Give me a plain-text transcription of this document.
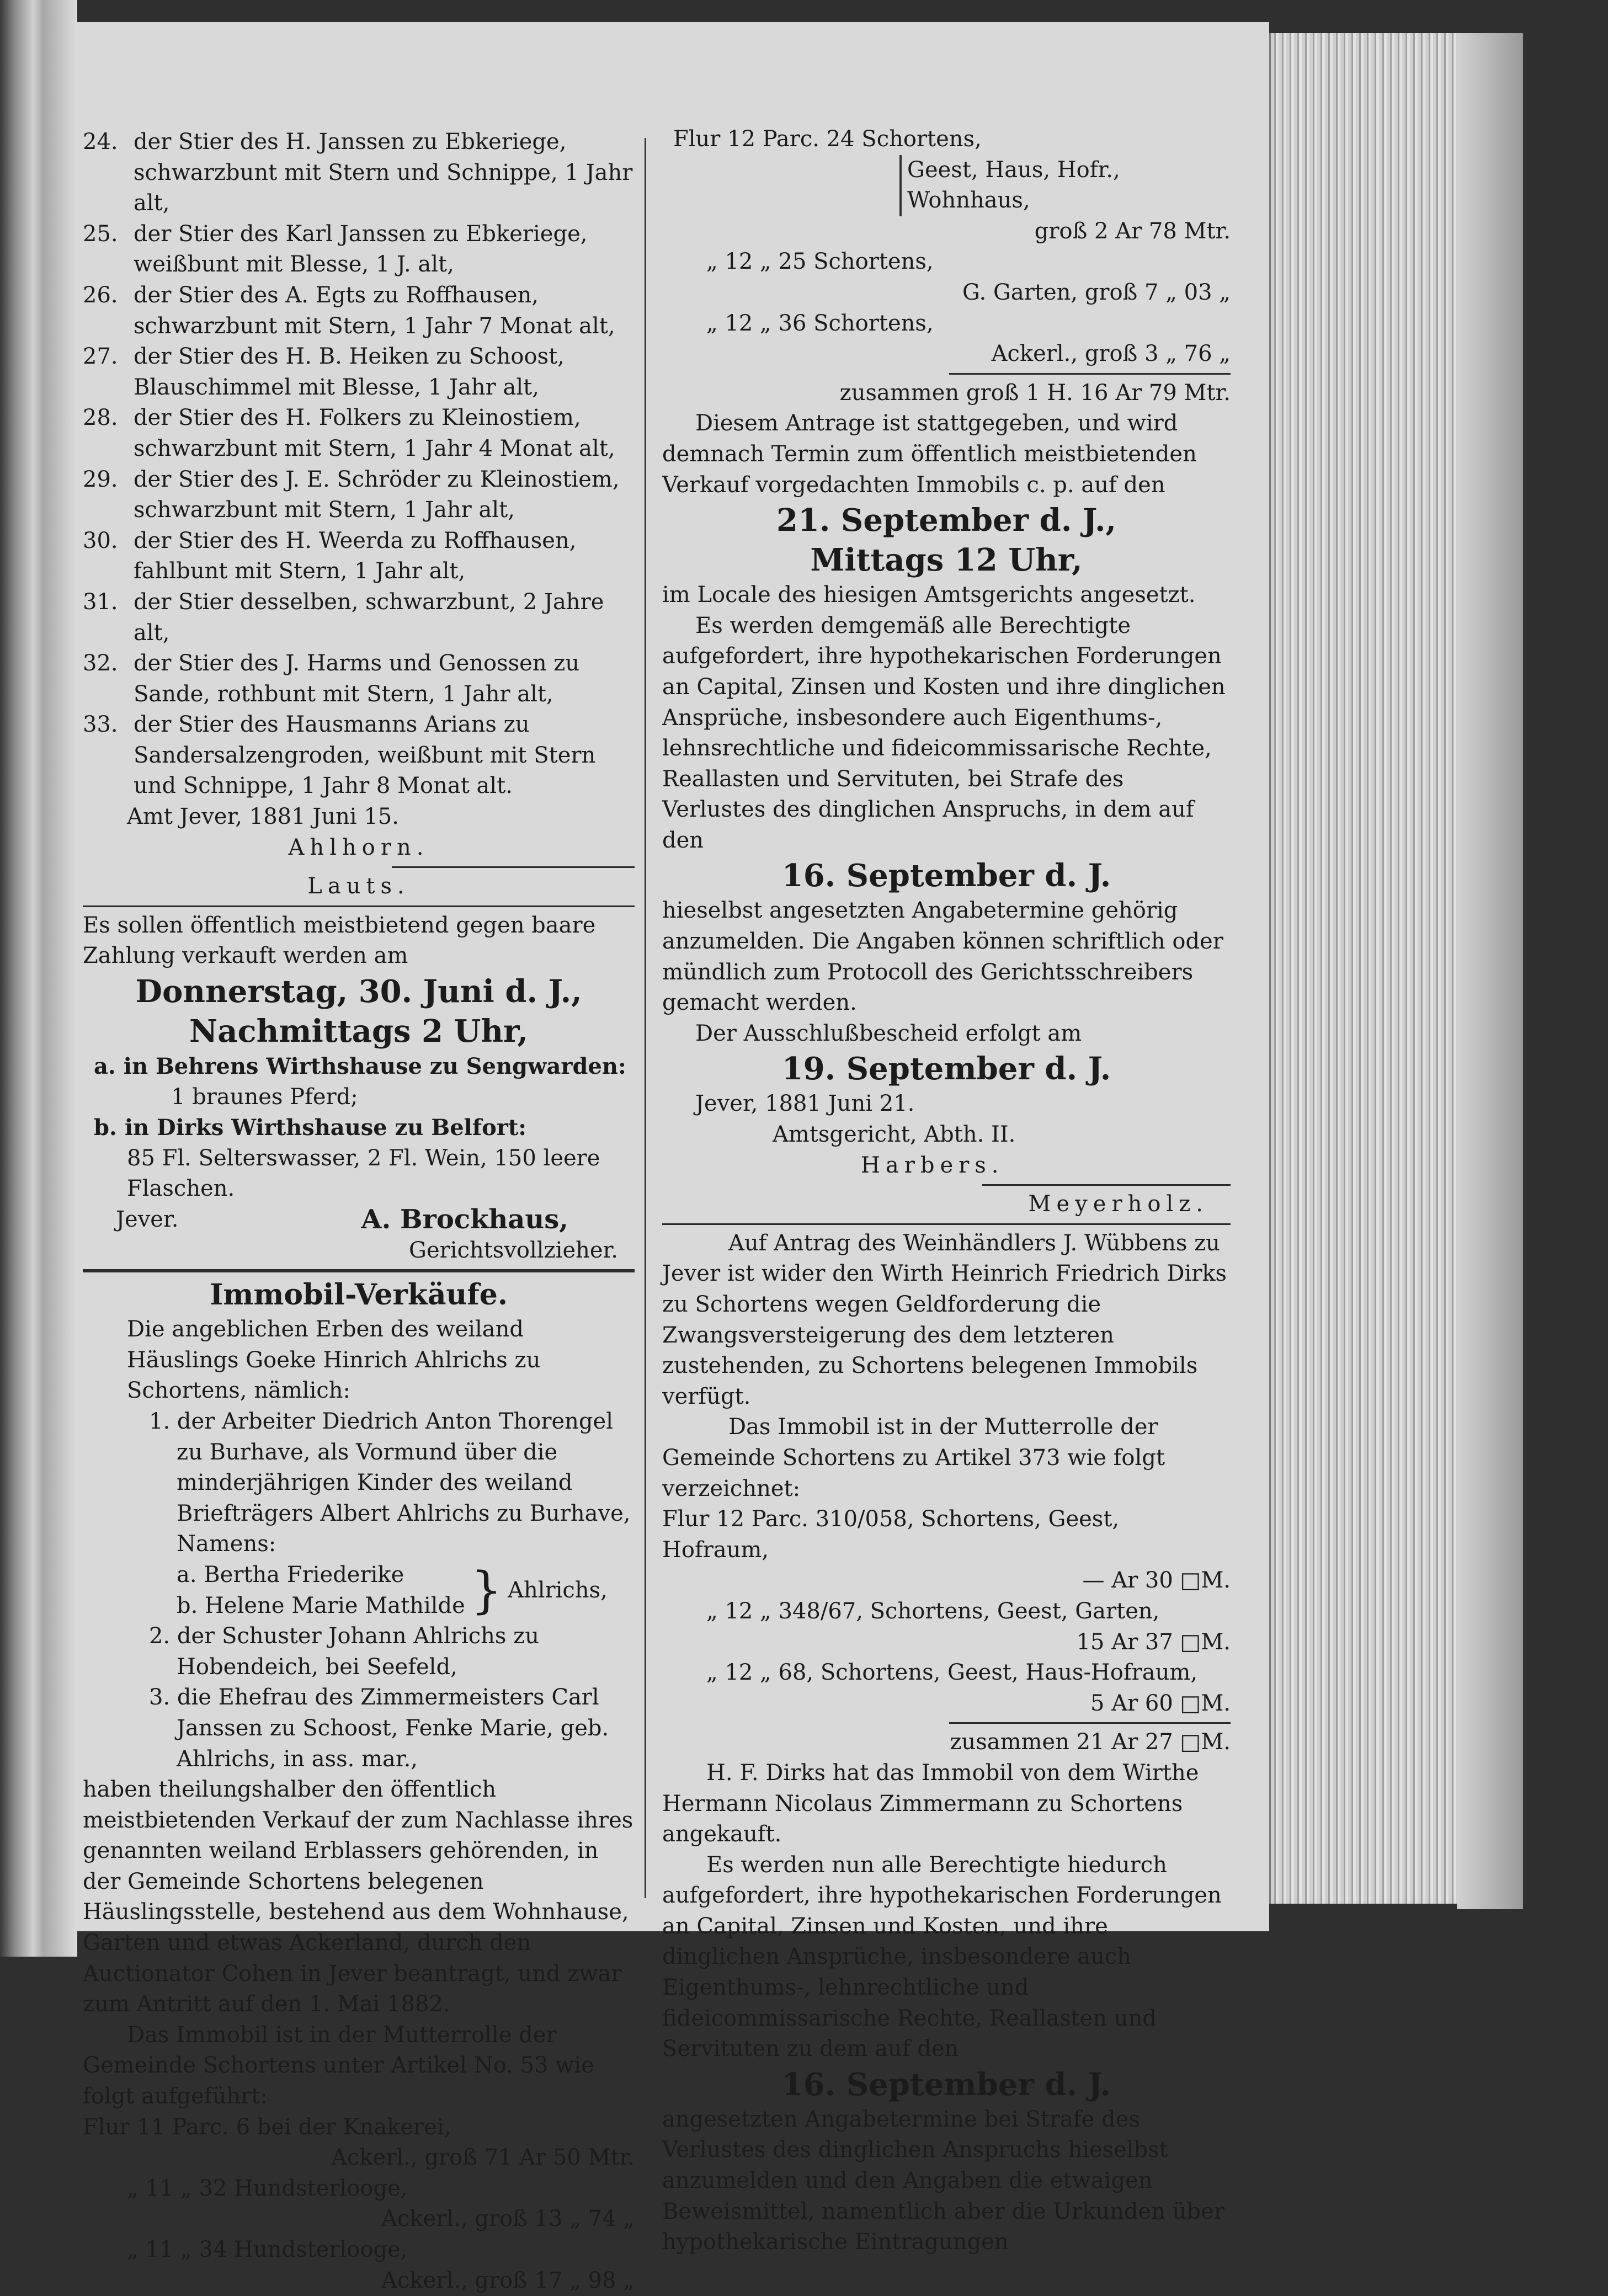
24. der Stier des H. Janssen zu Ebkeriege, schwarzbunt mit Stern und Schnippe, 1 Jahr alt,

25. der Stier des Karl Janssen zu Ebkeriege, weißbunt mit Blesse, 1 J. alt,

26. der Stier des A. Egts zu Roffhausen, schwarzbunt mit Stern, 1 Jahr 7 Monat alt,

27. der Stier des H. B. Heiken zu Schoost, Blauschimmel mit Blesse, 1 Jahr alt,

28. der Stier des H. Folkers zu Kleinostiem, schwarzbunt mit Stern, 1 Jahr 4 Monat alt,

29. der Stier des J. E. Schröder zu Kleinostiem, schwarzbunt mit Stern, 1 Jahr alt,

30. der Stier des H. Weerda zu Roffhausen, fahlbunt mit Stern, 1 Jahr alt,

31. der Stier desselben, schwarzbunt, 2 Jahre alt,

32. der Stier des J. Harms und Genossen zu Sande, rothbunt mit Stern, 1 Jahr alt,

33. der Stier des Hausmanns Arians zu Sandersalzengroden, weißbunt mit Stern und Schnippe, 1 Jahr 8 Monat alt.

Amt Jever, 1881 Juni 15.

Ahlhorn.

Lauts.

Es sollen öffentlich meistbietend gegen baare Zahlung verkauft werden am

Donnerstag, 30. Juni d. J.,

Nachmittags 2 Uhr,

a. in Behrens Wirthshause zu Sengwarden:

1 braunes Pferd;

b. in Dirks Wirthshause zu Belfort:

85 Fl. Selterswasser, 2 Fl. Wein, 150 leere Flaschen.

Jever.	A. Brockhaus,

Gerichtsvollzieher.

Immobil-Verkäufe.

Die angeblichen Erben des weiland Häuslings Goeke Hinrich Ahlrichs zu Schortens, nämlich:

1. der Arbeiter Diedrich Anton Thorengel zu Burhave, als Vormund über die minderjährigen Kinder des weiland Briefträgers Albert Ahlrichs zu Burhave, Namens:

a. Bertha Friederike

b. Helene Marie Mathilde } Ahlrichs,

2. der Schuster Johann Ahlrichs zu Hobendeich, bei Seefeld,

3. die Ehefrau des Zimmermeisters Carl Janssen zu Schoost, Fenke Marie, geb. Ahlrichs, in ass. mar.,

haben theilungshalber den öffentlich meistbietenden Verkauf der zum Nachlasse ihres genannten weiland Erblassers gehörenden, in der Gemeinde Schortens belegenen Häuslingsstelle, bestehend aus dem Wohnhause, Garten und etwas Ackerland, durch den Auctionator Cohen in Jever beantragt, und zwar zum Antritt auf den 1. Mai 1882.

Das Immobil ist in der Mutterrolle der Gemeinde Schortens unter Artikel No. 53 wie folgt aufgeführt:

Flur 11 Parc. 6 bei der Knakerei,

Ackerl., groß 71 Ar 50 Mtr.

„ 11 „ 32 Hundsterlooge,

Ackerl., groß 13 „ 74 „

„ 11 „ 34 Hundsterlooge,

Ackerl., groß 17 „ 98 „

Flur 12 Parc. 24 Schortens,

Geest, Haus, Hofr., Wohnhaus,

groß 2 Ar 78 Mtr.

„ 12 „ 25 Schortens,

G. Garten, groß 7 „ 03 „

„ 12 „ 36 Schortens,

Ackerl., groß 3 „ 76 „

zusammen groß 1 H. 16 Ar 79 Mtr.

Diesem Antrage ist stattgegeben, und wird demnach Termin zum öffentlich meistbietenden Verkauf vorgedachten Immobils c. p. auf den

21. September d. J.,

Mittags 12 Uhr,

im Locale des hiesigen Amtsgerichts angesetzt.

Es werden demgemäß alle Berechtigte aufgefordert, ihre hypothekarischen Forderungen an Capital, Zinsen und Kosten und ihre dinglichen Ansprüche, insbesondere auch Eigenthums-, lehnsrechtliche und fideicommissarische Rechte, Reallasten und Servituten, bei Strafe des Verlustes des dinglichen Anspruchs, in dem auf den

16. September d. J.

hieselbst angesetzten Angabetermine gehörig anzumelden. Die Angaben können schriftlich oder mündlich zum Protocoll des Gerichtsschreibers gemacht werden.

Der Ausschlußbescheid erfolgt am

19. September d. J.

Jever, 1881 Juni 21.

Amtsgericht, Abth. II.

Harbers.

Meyerholz.

Auf Antrag des Weinhändlers J. Wübbens zu Jever ist wider den Wirth Heinrich Friedrich Dirks zu Schortens wegen Geldforderung die Zwangsversteigerung des dem letzteren zustehenden, zu Schortens belegenen Immobils verfügt.

Das Immobil ist in der Mutterrolle der Gemeinde Schortens zu Artikel 373 wie folgt verzeichnet:

Flur 12 Parc. 310/058, Schortens, Geest, Hofraum,

— Ar 30 □M.

„ 12 „ 348/67, Schortens, Geest, Garten,

15 Ar 37 □M.

„ 12 „ 68, Schortens, Geest, Haus-Hofraum,

5 Ar 60 □M.

zusammen 21 Ar 27 □M.

H. F. Dirks hat das Immobil von dem Wirthe Hermann Nicolaus Zimmermann zu Schortens angekauft.

Es werden nun alle Berechtigte hiedurch aufgefordert, ihre hypothekarischen Forderungen an Capital, Zinsen und Kosten, und ihre dinglichen Ansprüche, insbesondere auch Eigenthums-, lehnrechtliche und fideicommissarische Rechte, Reallasten und Servituten zu dem auf den

16. September d. J.

angesetzten Angabetermine bei Strafe des Verlustes des dinglichen Anspruchs hieselbst anzumelden und den Angaben die etwaigen Beweismittel, namentlich aber die Urkunden über hypothekarische Eintragungen
